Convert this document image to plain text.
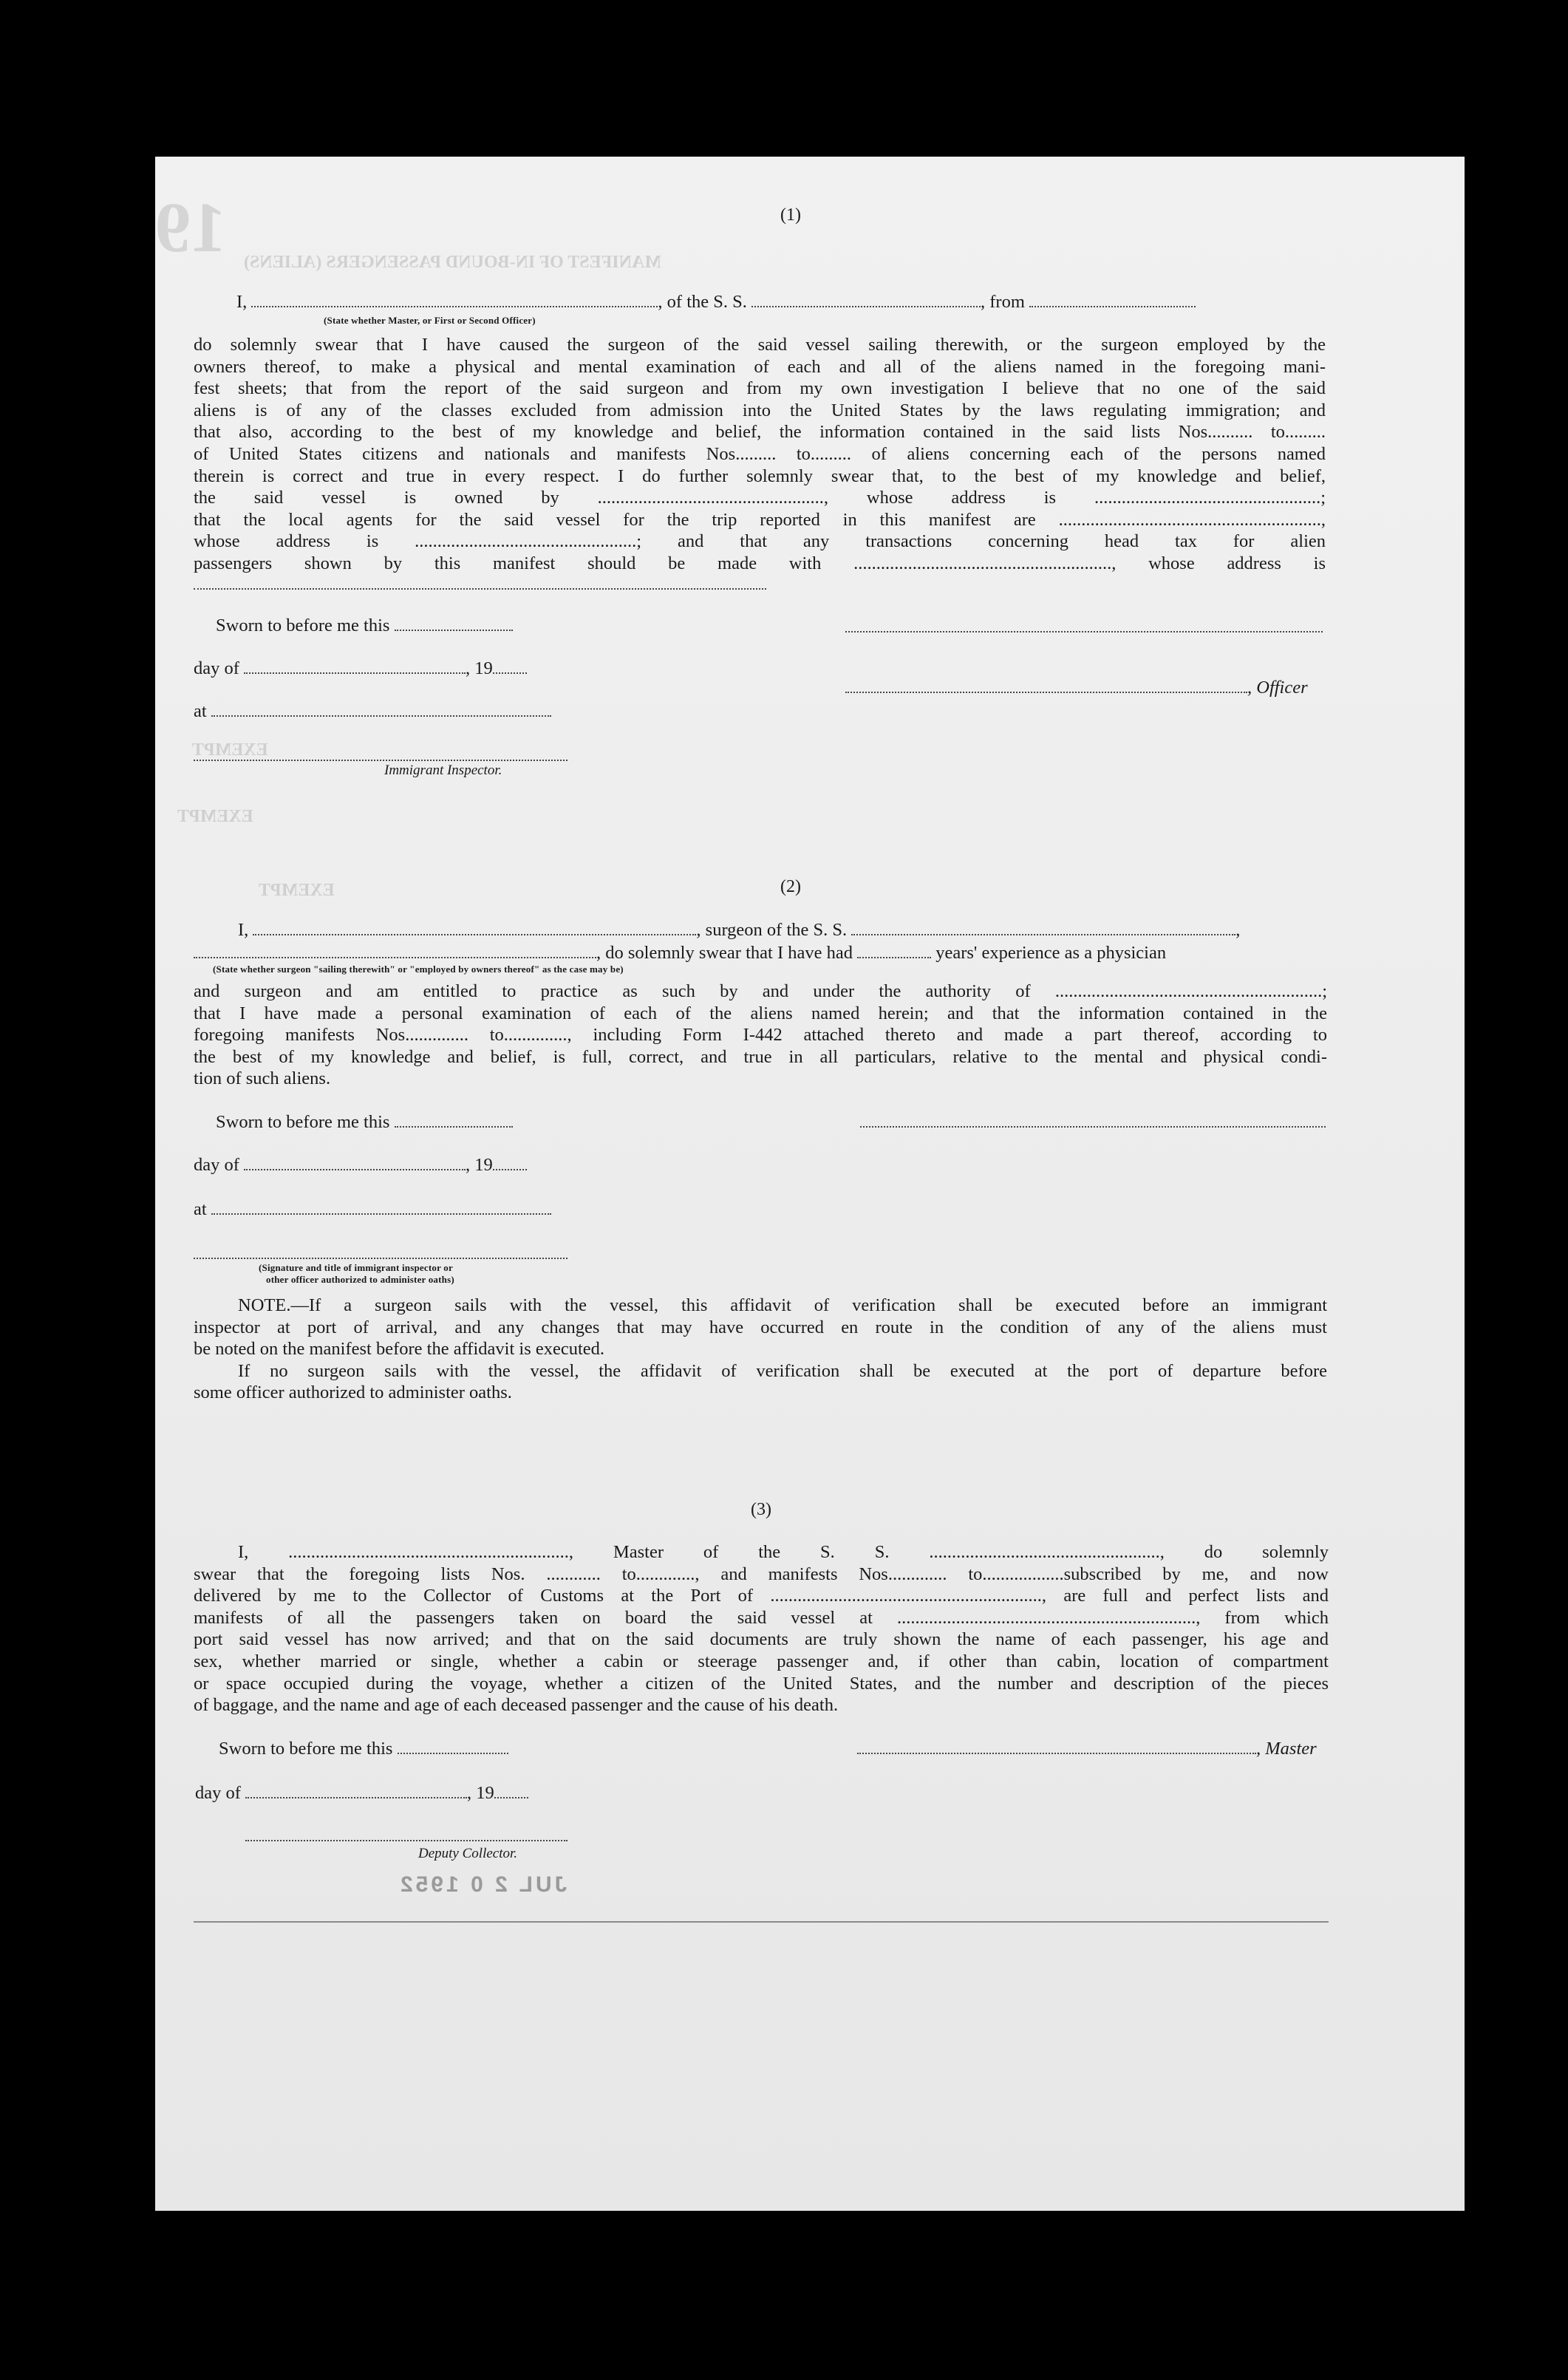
19 MANIFEST OF IN-BOUND PASSENGERS (ALIENS)
EXEMPT
EXEMPT
EXEMPT
(1)
I,	, of the S. S.	, from
(State whether Master, or First or Second Officer)
do solemnly swear that I have caused the surgeon of the said vessel sailing therewith, or the surgeon employed by the
owners thereof, to make a physical and mental examination of each and all of the aliens named in the foregoing mani-
fest sheets; that from the report of the said surgeon and from my own investigation I believe that no one of the said
aliens is of any of the classes excluded from admission into the United States by the laws regulating immigration; and
that also, according to the best of my knowledge and belief, the information contained in the said lists Nos.......... to.........
of United States citizens and nationals and manifests Nos......... to......... of aliens concerning each of the persons named
therein is correct and true in every respect. I do further solemnly swear that, to the best of my knowledge and belief,
the said vessel is owned by .................................................., whose address is ..................................................;
that the local agents for the said vessel for the trip reported in this manifest are ..........................................................,
whose address is .................................................; and that any transactions concerning head tax for alien
passengers shown by this manifest should be made with ........................................................., whose address is
Sworn to before me this
day of	, 19
at
Immigrant Inspector.
, Officer
(2)
I,	, surgeon of the S. S.	,
, do solemnly swear that I have had	years' experience as a physician
(State whether surgeon "sailing therewith" or "employed by owners thereof" as the case may be)
and surgeon and am entitled to practice as such by and under the authority of ...........................................................;
that I have made a personal examination of each of the aliens named herein; and that the information contained in the
foregoing manifests Nos.............. to.............., including Form I-442 attached thereto and made a part thereof, according to
the best of my knowledge and belief, is full, correct, and true in all particulars, relative to the mental and physical condi-
tion of such aliens.
Sworn to before me this
day of	, 19
at
(Signature and title of immigrant inspector or
other officer authorized to administer oaths)
NOTE.—If a surgeon sails with the vessel, this affidavit of verification shall be executed before an immigrant
inspector at port of arrival, and any changes that may have occurred en route in the condition of any of the aliens must
be noted on the manifest before the affidavit is executed.
If no surgeon sails with the vessel, the affidavit of verification shall be executed at the port of departure before
some officer authorized to administer oaths.
(3)
I, .............................................................., Master of the S. S. ..................................................., do solemnly
swear that the foregoing lists Nos. ............ to............., and manifests Nos............. to..................subscribed by me, and now
delivered by me to the Collector of Customs at the Port of ............................................................, are full and perfect lists and
manifests of all the passengers taken on board the said vessel at .................................................................., from which
port said vessel has now arrived; and that on the said documents are truly shown the name of each passenger, his age and
sex, whether married or single, whether a cabin or steerage passenger and, if other than cabin, location of compartment
or space occupied during the voyage, whether a citizen of the United States, and the number and description of the pieces
of baggage, and the name and age of each deceased passenger and the cause of his death.
Sworn to before me this	, Master
day of	, 19
Deputy Collector.
JUL 2 0 1952
